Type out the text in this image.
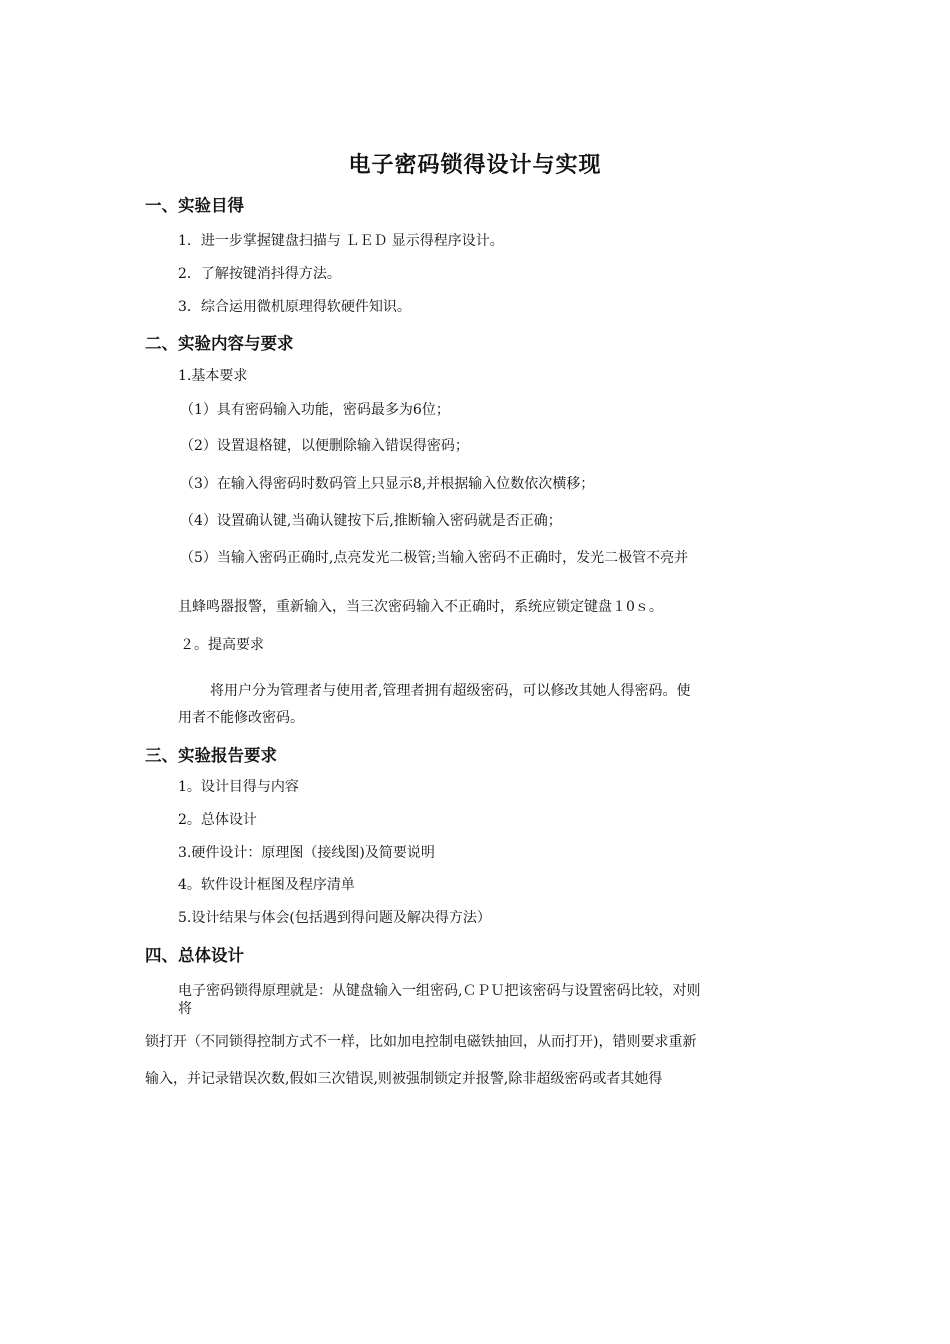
电子密码锁得设计与实现
一、实验目得
1．进一步掌握键盘扫描与 ＬＥＤ 显示得程序设计。
2．了解按键消抖得方法。
3．综合运用微机原理得软硬件知识。
二、实验内容与要求
1.基本要求
（1）具有密码输入功能，密码最多为6位；
（2）设置退格键，以便删除输入错误得密码；
（3）在输入得密码时数码管上只显示8,并根据输入位数依次横移；
（4）设置确认键,当确认键按下后,推断输入密码就是否正确；
（5）当输入密码正确时,点亮发光二极管;当输入密码不正确时，发光二极管不亮并
且蜂鸣器报警，重新输入，当三次密码输入不正确时，系统应锁定键盘１0ｓ。
２。提高要求
将用户分为管理者与使用者,管理者拥有超级密码，可以修改其她人得密码。使
用者不能修改密码。
三、实验报告要求
1。设计目得与内容
2。总体设计
3.硬件设计：原理图（接线图)及简要说明
4。软件设计框图及程序清单
5.设计结果与体会(包括遇到得问题及解决得方法）
四、总体设计
电子密码锁得原理就是：从键盘输入一组密码,ＣＰＵ把该密码与设置密码比较，对则
将
锁打开（不同锁得控制方式不一样，比如加电控制电磁铁抽回，从而打开)，错则要求重新
输入，并记录错误次数,假如三次错误,则被强制锁定并报警,除非超级密码或者其她得
